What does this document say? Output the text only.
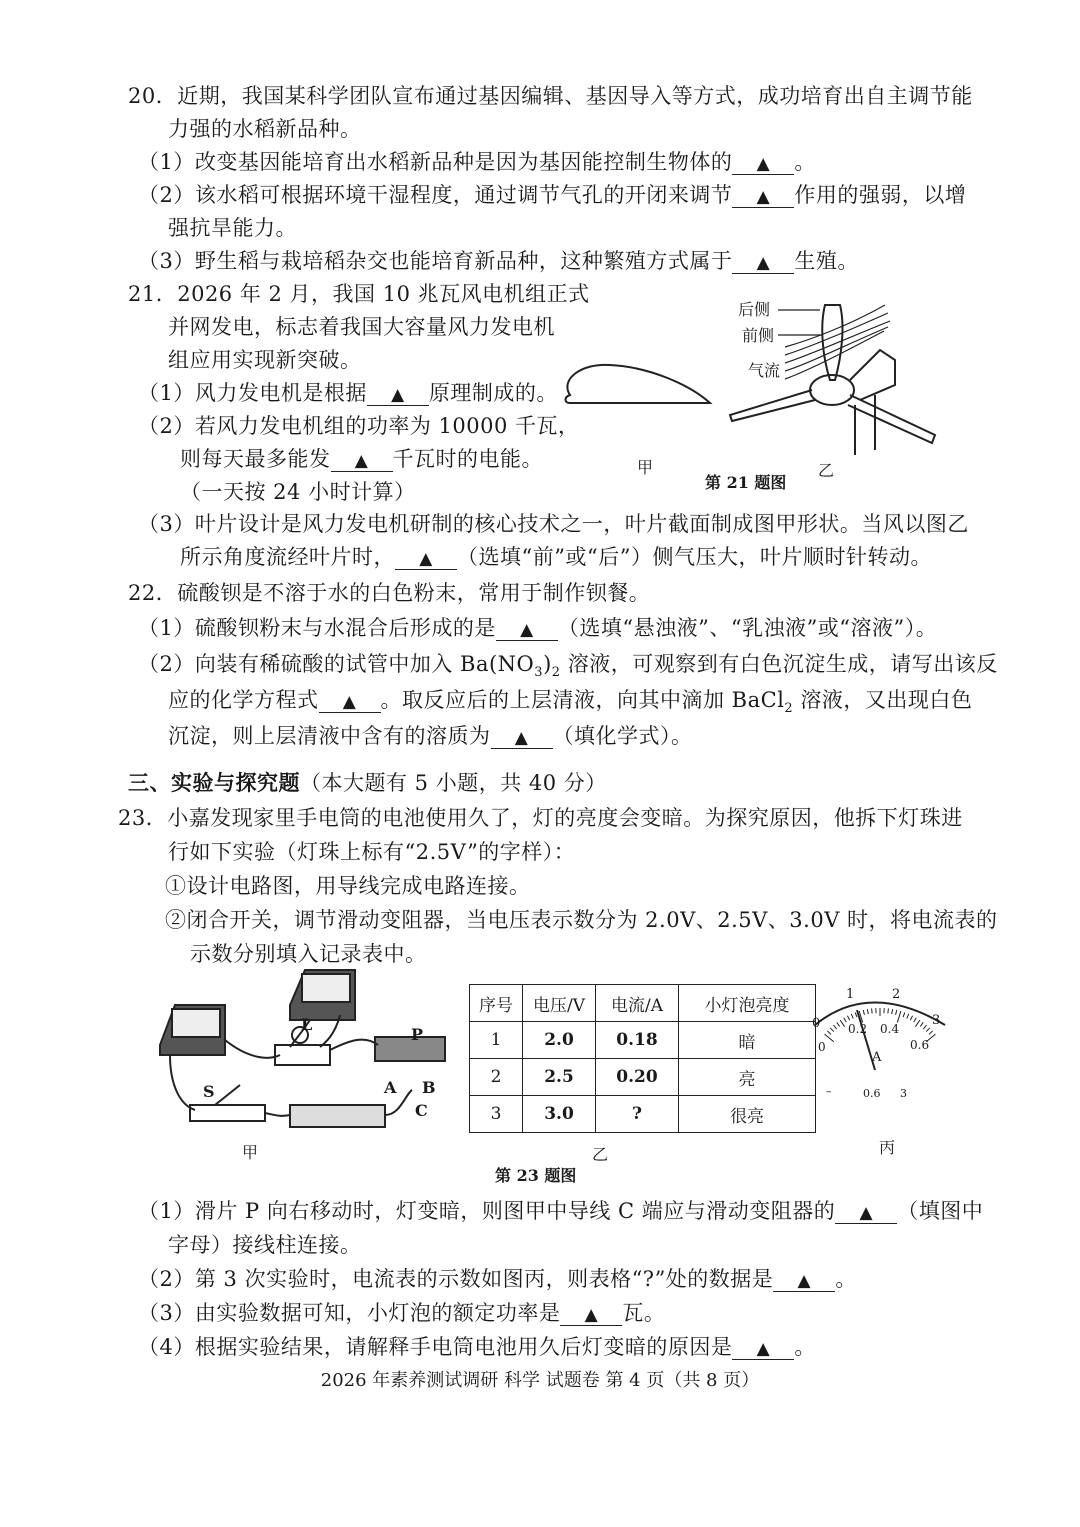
20．近期，我国某科学团队宣布通过基因编辑、基因导入等方式，成功培育出自主调节能
力强的水稻新品种。
（1）改变基因能培育出水稻新品种是因为基因能控制生物体的 ▲ 。
（2）该水稻可根据环境干湿程度，通过调节气孔的开闭来调节 ▲ 作用的强弱，以增
强抗旱能力。
（3）野生稻与栽培稻杂交也能培育新品种，这种繁殖方式属于 ▲ 生殖。
21．2026 年 2 月，我国 10 兆瓦风电机组正式
并网发电，标志着我国大容量风力发电机
组应用实现新突破。
（1）风力发电机是根据 ▲ 原理制成的。
（2）若风力发电机组的功率为 10000 千瓦，
则每天最多能发 ▲ 千瓦时的电能。
（一天按 24 小时计算）
（3）叶片设计是风力发电机研制的核心技术之一，叶片截面制成图甲形状。当风以图乙
所示角度流经叶片时， ▲ （选填“前”或“后”）侧气压大，叶片顺时针转动。
22．硫酸钡是不溶于水的白色粉末，常用于制作钡餐。
（1）硫酸钡粉末与水混合后形成的是 ▲ （选填“悬浊液”、“乳浊液”或“溶液”）。
（2）向装有稀硫酸的试管中加入 $Ba(NO_3)_2$ 溶液，可观察到有白色沉淀生成，请写出该反
应的化学方程式 ▲ 。取反应后的上层清液，向其中滴加 BaCl$_2$ 溶液，又出现白色
沉淀，则上层清液中含有的溶质为 ▲ （填化学式）。
三、实验与探究题（本大题有 5 小题，共 40 分）
23．小嘉发现家里手电筒的电池使用久了，灯的亮度会变暗。为探究原因，他拆下灯珠进
行如下实验（灯珠上标有“2.5V”的字样）：
①设计电路图，用导线完成电路连接。
②闭合开关，调节滑动变阻器，当电压表示数分为 2.0V、2.5V、3.0V 时，将电流表的
示数分别填入记录表中。
（1）滑片 P 向右移动时，灯变暗，则图甲中导线 C 端应与滑动变阻器的 ▲ （填图中
字母）接线柱连接。
（2）第 3 次实验时，电流表的示数如图丙，则表格“?”处的数据是 ▲ 。
（3）由实验数据可知，小灯泡的额定功率是 ▲ 瓦。
（4）根据实验结果，请解释手电筒电池用久后灯变暗的原因是 ▲ 。
后侧
前侧
气流
甲	乙
第 21 题图
L
P
A B
C
S
甲
序号	电压/V	电流/A	小灯泡亮度
1	2.0	0.18	暗
2	2.5	0.20	亮
3	3.0	?	很亮
乙
第 23 题图
0
1	2
3
0
0.2 0.4
0.6
A
–	0.6 3
丙
2026 年素养测试调研 科学 试题卷 第 4 页（共 8 页）
